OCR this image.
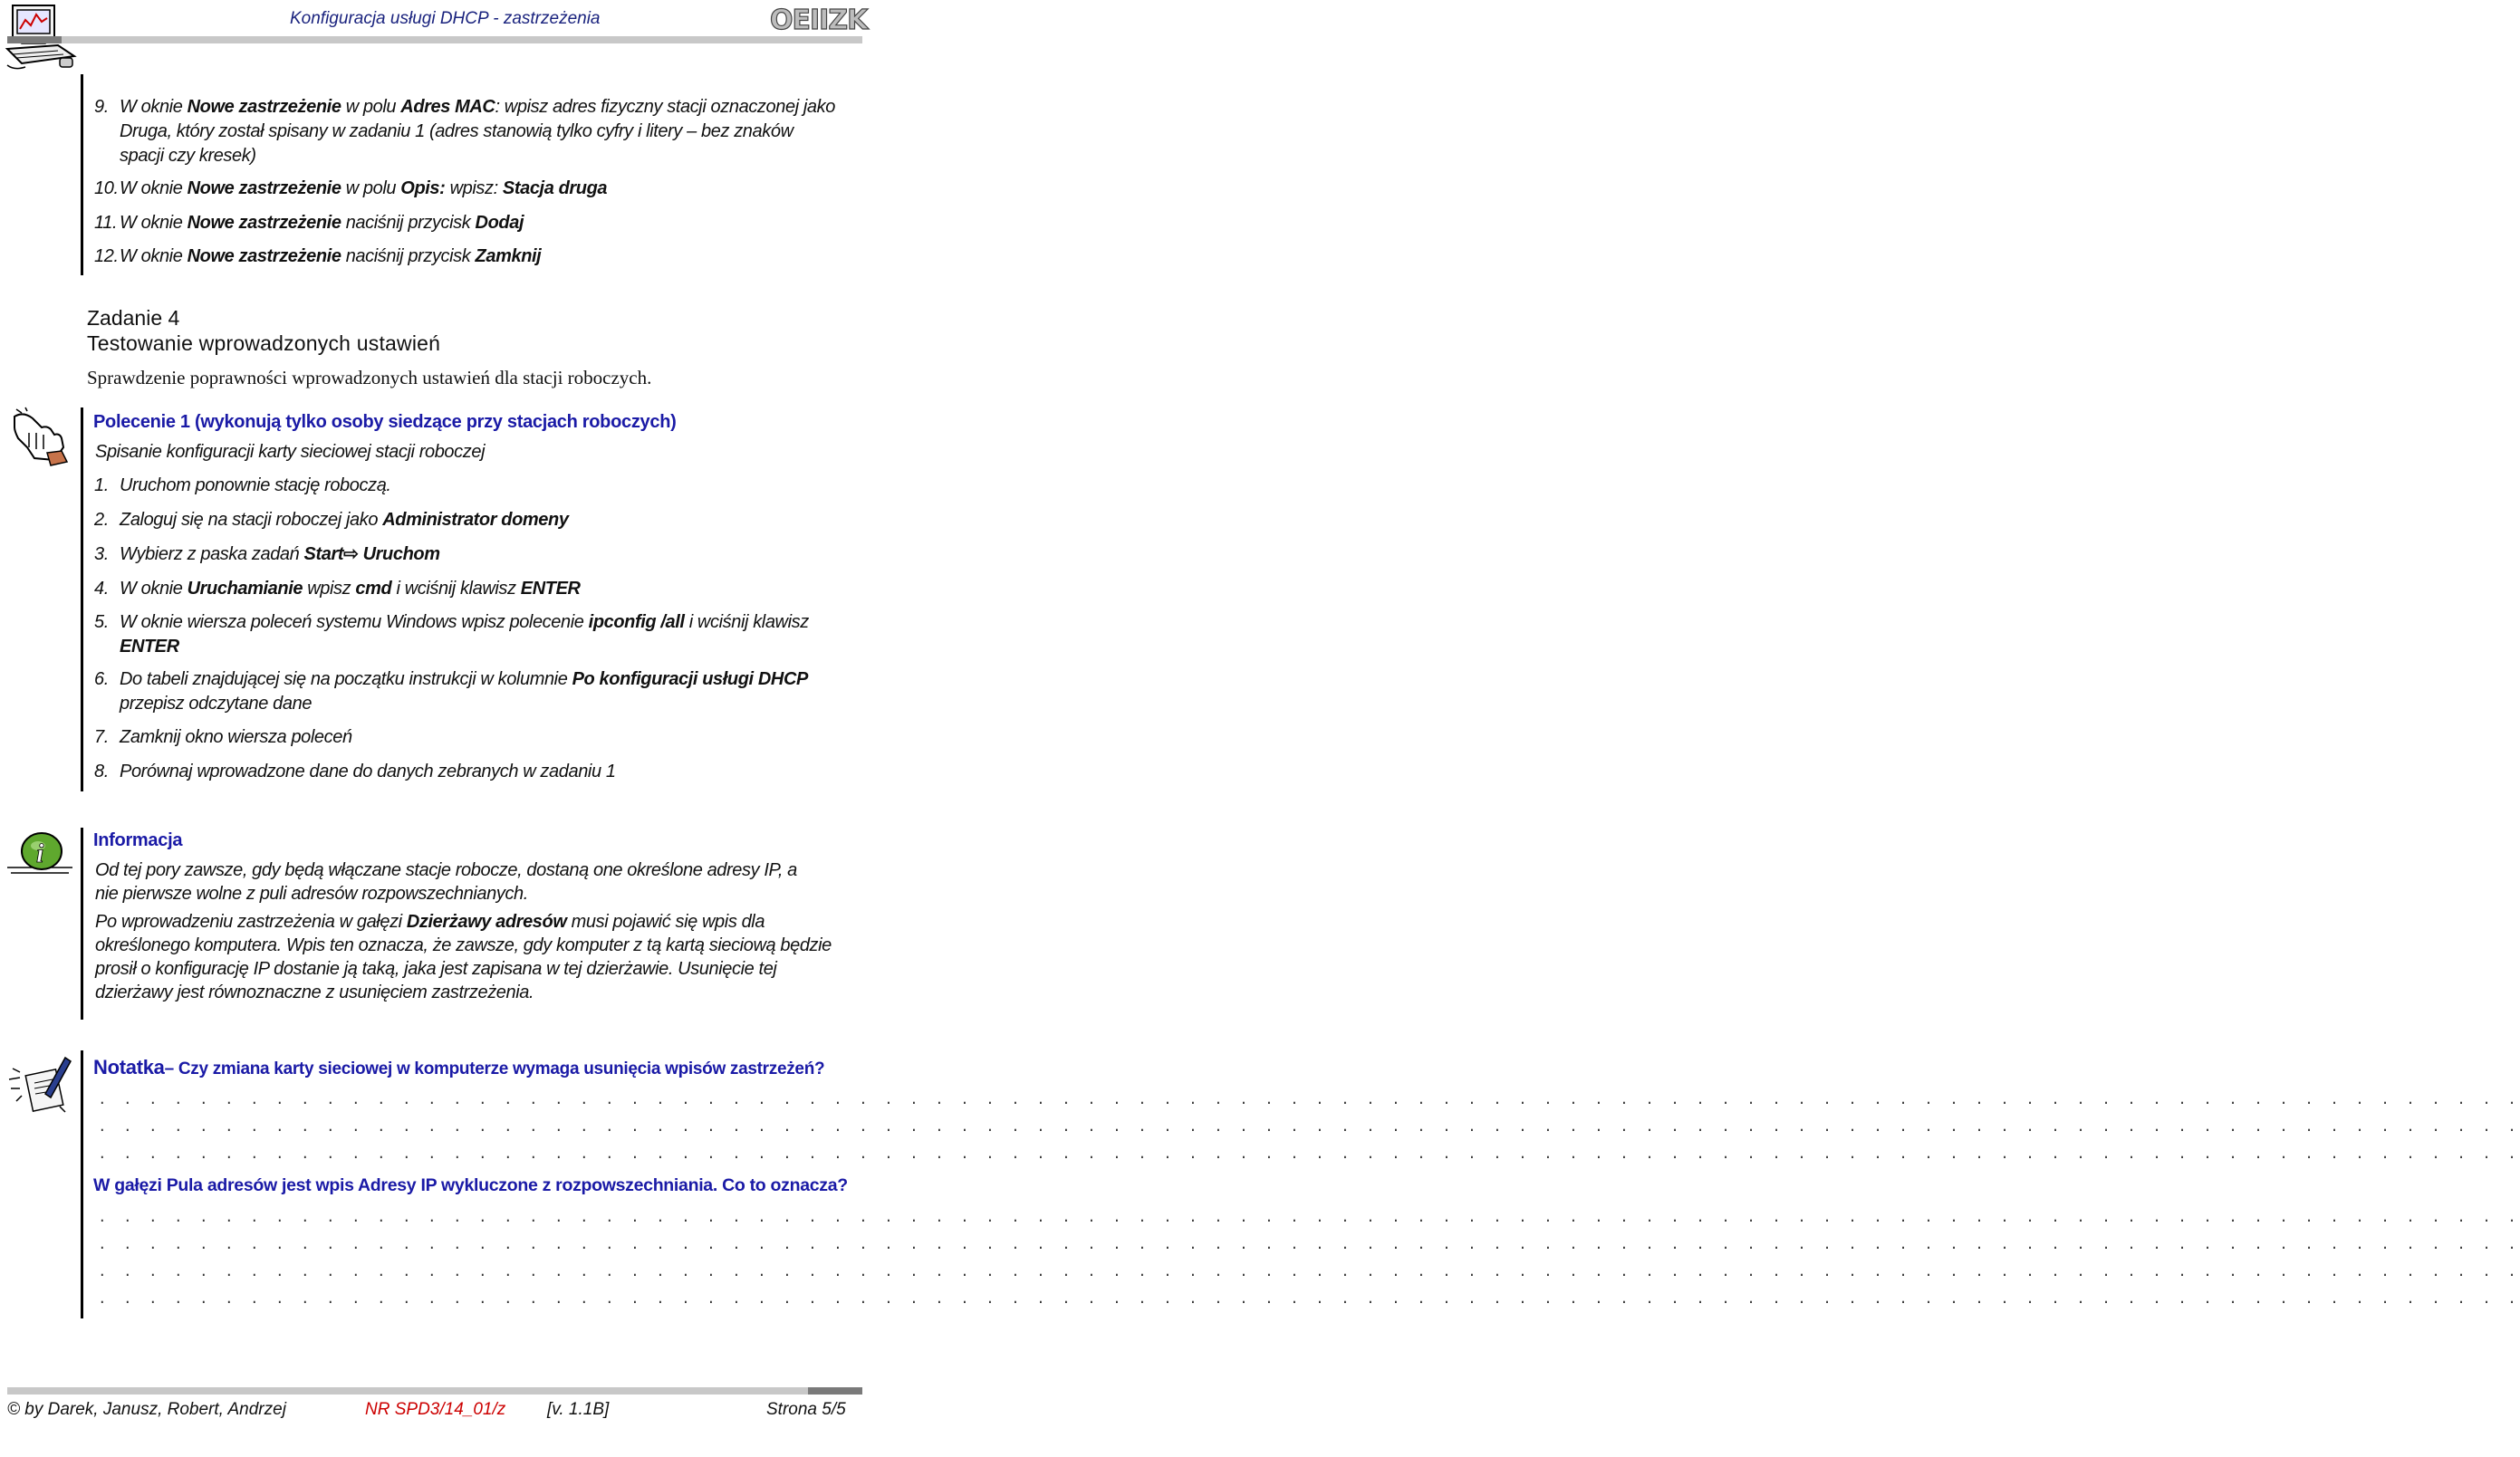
Konfiguracja usługi DHCP - zastrzeżenia	OEIIZK
9. W oknie Nowe zastrzeżenie w polu Adres MAC: wpisz adres fizyczny stacji oznaczonej jako Druga, który został spisany w zadaniu 1 (adres stanowią tylko cyfry i litery – bez znaków spacji czy kresek)
10. W oknie Nowe zastrzeżenie w polu Opis: wpisz: Stacja druga
11. W oknie Nowe zastrzeżenie naciśnij przycisk Dodaj
12. W oknie Nowe zastrzeżenie naciśnij przycisk Zamknij
Zadanie 4
Testowanie wprowadzonych ustawień
Sprawdzenie poprawności wprowadzonych ustawień dla stacji roboczych.
Polecenie 1 (wykonują tylko osoby siedzące przy stacjach roboczych)
Spisanie konfiguracji karty sieciowej stacji roboczej
1. Uruchom ponownie stację roboczą.
2. Zaloguj się na stacji roboczej jako Administrator domeny
3. Wybierz z paska zadań Start⇨ Uruchom
4. W oknie Uruchamianie wpisz cmd i wciśnij klawisz ENTER
5. W oknie wiersza poleceń systemu Windows wpisz polecenie ipconfig /all i wciśnij klawisz ENTER
6. Do tabeli znajdującej się na początku instrukcji w kolumnie Po konfiguracji usługi DHCP przepisz odczytane dane
7. Zamknij okno wiersza poleceń
8. Porównaj wprowadzone dane do danych zebranych w zadaniu 1
i	Informacja
Od tej pory zawsze, gdy będą włączane stacje robocze, dostaną one określone adresy IP, a nie pierwsze wolne z puli adresów rozpowszechnianych.
Po wprowadzeniu zastrzeżenia w gałęzi Dzierżawy adresów musi pojawić się wpis dla określonego komputera. Wpis ten oznacza, że zawsze, gdy komputer z tą kartą sieciową będzie prosił o konfigurację IP dostanie ją taką, jaka jest zapisana w tej dzierżawie. Usunięcie tej dzierżawy jest równoznaczne z usunięciem zastrzeżenia.
Notatka– Czy zmiana karty sieciowej w komputerze wymaga usunięcia wpisów zastrzeżeń?
. . . . . . . . . . . . . . . . . . . . . . . . . . . . . . . . . . . . . . . . . . . . . . . . . . . . . . . . . . . . . . . . . . . . . . . . . . . . . . . . . . . . . . . . . . . . . . . .
. . . . . . . . . . . . . . . . . . . . . . . . . . . . . . . . . . . . . . . . . . . . . . . . . . . . . . . . . . . . . . . . . . . . . . . . . . . . . . . . . . . . . . . . . . . . . . . .
. . . . . . . . . . . . . . . . . . . . . . . . . . . . . . . . . . . . . . . . . . . . . . . . . . . . . . . . . . . . . . . . . . . . . . . . . . . . . . . . . . . . . . . . . . . . . . . .
W gałęzi Pula adresów jest wpis Adresy IP wykluczone z rozpowszechniania. Co to oznacza?
. . . . . . . . . . . . . . . . . . . . . . . . . . . . . . . . . . . . . . . . . . . . . . . . . . . . . . . . . . . . . . . . . . . . . . . . . . . . . . . . . . . . . . . . . . . . . . . .
. . . . . . . . . . . . . . . . . . . . . . . . . . . . . . . . . . . . . . . . . . . . . . . . . . . . . . . . . . . . . . . . . . . . . . . . . . . . . . . . . . . . . . . . . . . . . . . .
. . . . . . . . . . . . . . . . . . . . . . . . . . . . . . . . . . . . . . . . . . . . . . . . . . . . . . . . . . . . . . . . . . . . . . . . . . . . . . . . . . . . . . . . . . . . . . . .
. . . . . . . . . . . . . . . . . . . . . . . . . . . . . . . . . . . . . . . . . . . . . . . . . . . . . . . . . . . . . . . . . . . . . . . . . . . . . . . . . . . . . . . . . . . . . . . .
© by Darek, Janusz, Robert, Andrzej	NR SPD3/14_01/z [v. 1.1B]	Strona 5/5
